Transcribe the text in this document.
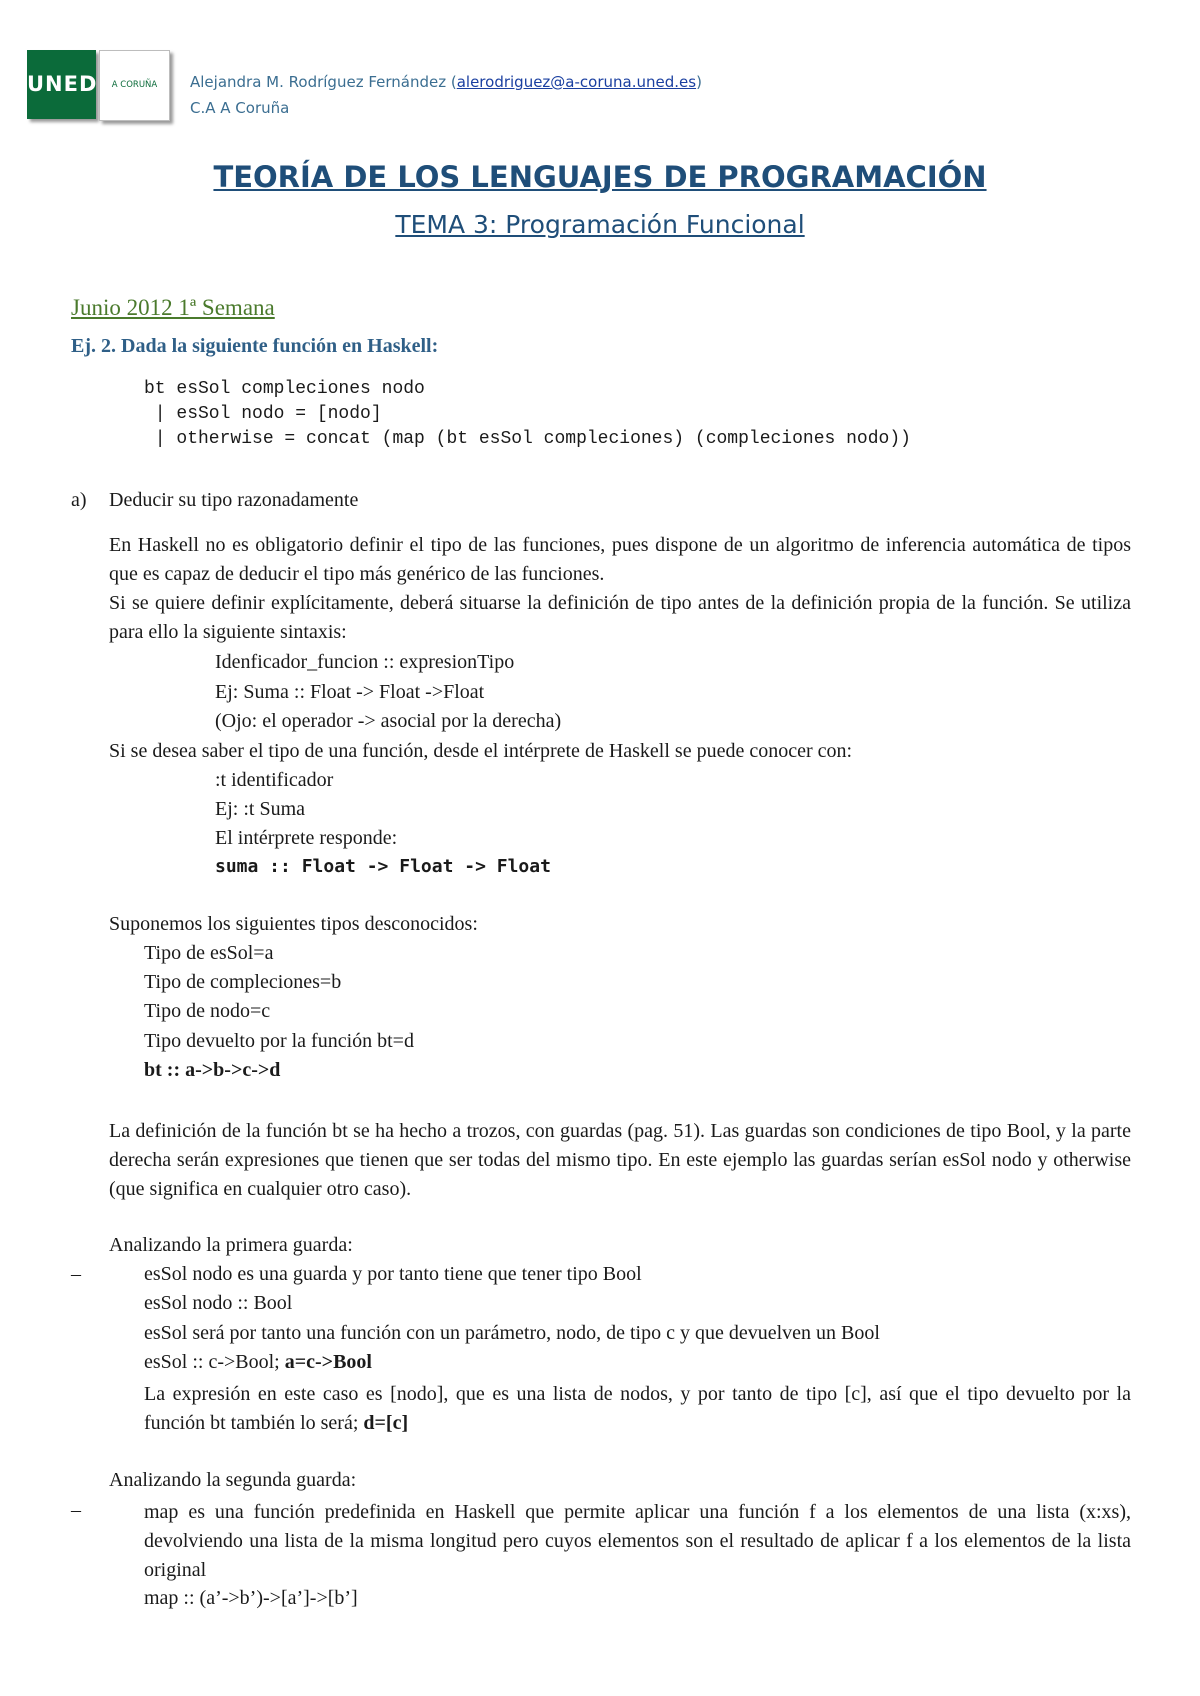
UNED	A CORUÑA	Alejandra M. Rodríguez Fernández (alerodriguez@a-coruna.uned.es)
C.A A Coruña
TEORÍA DE LOS LENGUAJES DE PROGRAMACIÓN
TEMA 3: Programación Funcional
Junio 2012 1ª Semana
Ej. 2. Dada la siguiente función en Haskell:
bt esSol compleciones nodo
| esSol nodo = [nodo]
| otherwise = concat (map (bt esSol compleciones) (compleciones nodo))
a) Deducir su tipo razonadamente
En Haskell no es obligatorio definir el tipo de las funciones, pues dispone de un algoritmo de inferencia automática de tipos que es capaz de deducir el tipo más genérico de las funciones.
Si se quiere definir explícitamente, deberá situarse la definición de tipo antes de la definición propia de la función. Se utiliza para ello la siguiente sintaxis:
Idenficador_funcion :: expresionTipo
Ej: Suma :: Float -> Float ->Float
(Ojo: el operador -> asocial por la derecha)
Si se desea saber el tipo de una función, desde el intérprete de Haskell se puede conocer con:
:t identificador
Ej: :t Suma
El intérprete responde:
suma :: Float -> Float -> Float
Suponemos los siguientes tipos desconocidos:
Tipo de esSol=a
Tipo de compleciones=b
Tipo de nodo=c
Tipo devuelto por la función bt=d
bt :: a->b->c->d
La definición de la función bt se ha hecho a trozos, con guardas (pag. 51). Las guardas son condiciones de tipo Bool, y la parte derecha serán expresiones que tienen que ser todas del mismo tipo. En este ejemplo las guardas serían esSol nodo y otherwise (que significa en cualquier otro caso).
Analizando la primera guarda:
–	esSol nodo es una guarda y por tanto tiene que tener tipo Bool
esSol nodo :: Bool
esSol será por tanto una función con un parámetro, nodo, de tipo c y que devuelven un Bool
esSol :: c->Bool; a=c->Bool
La expresión en este caso es [nodo], que es una lista de nodos, y por tanto de tipo [c], así que el tipo devuelto por la función bt también lo será; d=[c]
Analizando la segunda guarda:
–	map es una función predefinida en Haskell que permite aplicar una función f a los elementos de una lista (x:xs), devolviendo una lista de la misma longitud pero cuyos elementos son el resultado de aplicar f a los elementos de la lista original
map :: (a’->b’)->[a’]->[b’]
